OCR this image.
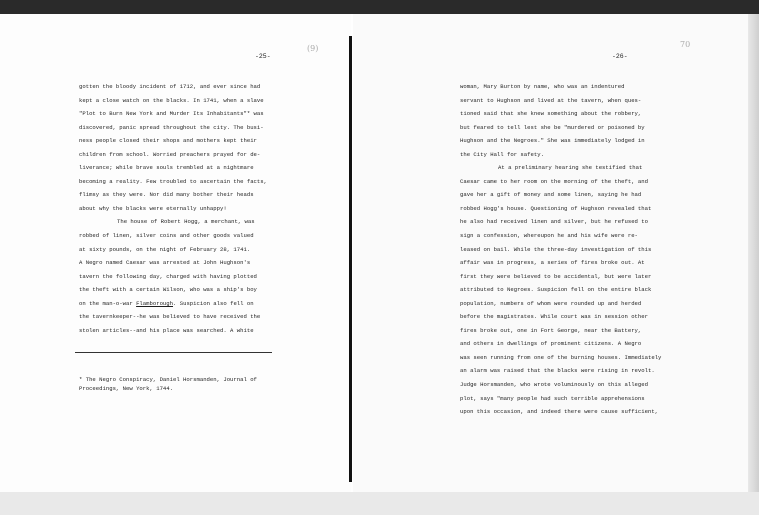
-25-
(9)
gotten the bloody incident of 1712, and ever since had
kept a close watch on the blacks. In 1741, when a slave
"Plot to Burn New York and Murder Its Inhabitants"* was
discovered, panic spread throughout the city. The busi-
ness people closed their shops and mothers kept their
children from school. Worried preachers prayed for de-
liverance; while brave souls trembled at a nightmare
becoming a reality. Few troubled to ascertain the facts,
flimsy as they were. Nor did many bother their heads
about why the blacks were eternally unhappy!
The house of Robert Hogg, a merchant, was
robbed of linen, silver coins and other goods valued
at sixty pounds, on the night of February 28, 1741.
A Negro named Caesar was arrested at John Hughson's
tavern the following day, charged with having plotted
the theft with a certain Wilson, who was a ship's boy
on the man-o-war Flamborough. Suspicion also fell on
the tavernkeeper--he was believed to have received the
stolen articles--and his place was searched. A white
* The Negro Conspiracy, Daniel Horsmanden, Journal of
Proceedings, New York, 1744.
-26-
70
woman, Mary Burton by name, who was an indentured
servant to Hughson and lived at the tavern, when ques-
tioned said that she knew something about the robbery,
but feared to tell lest she be "murdered or poisoned by
Hughson and the Negroes." She was immediately lodged in
the City Hall for safety.
At a preliminary hearing she testified that
Caesar came to her room on the morning of the theft, and
gave her a gift of money and some linen, saying he had
robbed Hogg's house. Questioning of Hughson revealed that
he also had received linen and silver, but he refused to
sign a confession, whereupon he and his wife were re-
leased on bail. While the three-day investigation of this
affair was in progress, a series of fires broke out. At
first they were believed to be accidental, but were later
attributed to Negroes. Suspicion fell on the entire black
population, numbers of whom were rounded up and herded
before the magistrates. While court was in session other
fires broke out, one in Fort George, near the Battery,
and others in dwellings of prominent citizens. A Negro
was seen running from one of the burning houses. Immediately
an alarm was raised that the blacks were rising in revolt.
Judge Horsmanden, who wrote voluminously on this alleged
plot, says "many people had such terrible apprehensions
upon this occasion, and indeed there were cause sufficient,
